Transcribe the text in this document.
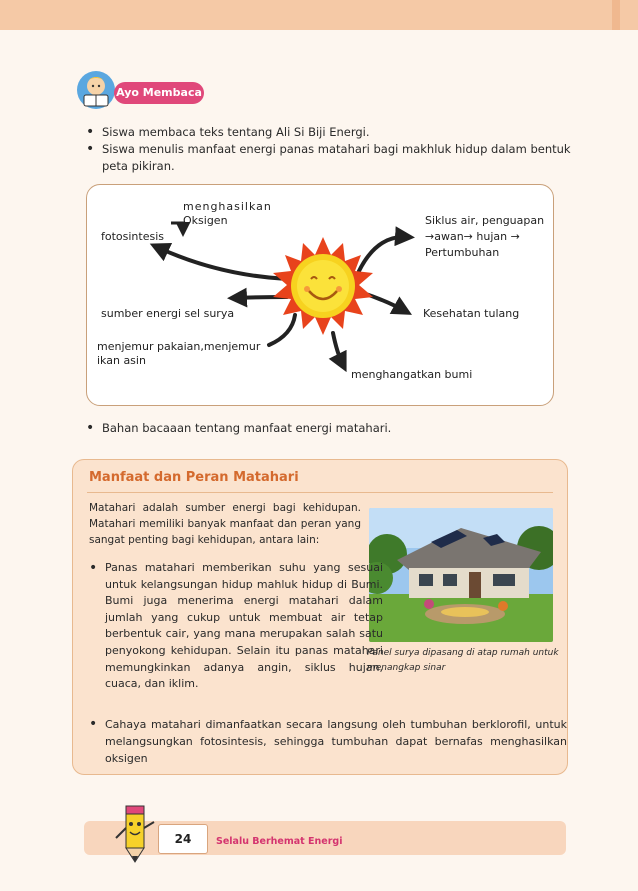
Ayo Membaca
• Siswa membaca teks tentang Ali Si Biji Energi.
• Siswa menulis manfaat energi panas matahari bagi makhluk hidup dalam bentuk peta pikiran.
menghasilkan
Oksigen
fotosintesis
Siklus air, penguapan
→awan→ hujan →
Pertumbuhan
sumber energi sel surya	Kesehatan tulang
menjemur pakaian,menjemur
ikan asin
menghangatkan bumi
• Bahan bacaaan tentang manfaat energi matahari.
Manfaat dan Peran Matahari
Matahari adalah sumber energi bagi kehidupan. Matahari memiliki banyak manfaat dan peran yang sangat penting bagi kehidupan, antara lain:
Panel surya dipasang di atap rumah untuk menangkap sinar
• Panas matahari memberikan suhu yang sesuai untuk kelangsungan hidup mahluk hidup di Bumi. Bumi juga menerima energi matahari dalam jumlah yang cukup untuk membuat air tetap berbentuk cair, yang mana merupakan salah satu penyokong kehidupan. Selain itu panas matahari memungkinkan adanya angin, siklus hujan, cuaca, dan iklim.
• Cahaya matahari dimanfaatkan secara langsung oleh tumbuhan berklorofil, untuk melangsungkan fotosintesis, sehingga tumbuhan dapat bernafas menghasilkan oksigen
24	Selalu Berhemat Energi
